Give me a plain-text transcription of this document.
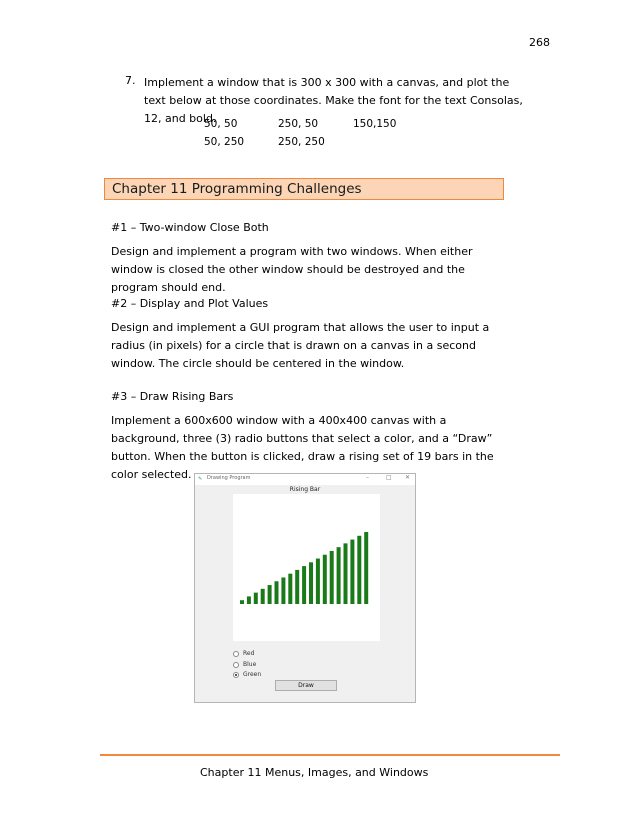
268
7. Implement a window that is 300 x 300 with a canvas, and plot the text below at those coordinates. Make the font for the text Consolas, 12, and bold.
50, 50	250, 50	150,150
50, 250	250, 250
Chapter 11 Programming Challenges
#1 – Two-window Close Both
Design and implement a program with two windows. When either window is closed the other window should be destroyed and the program should end.
#2 – Display and Plot Values
Design and implement a GUI program that allows the user to input a radius (in pixels) for a circle that is drawn on a canvas in a second window. The circle should be centered in the window.
#3 – Draw Rising Bars
Implement a 600x600 window with a 400x400 canvas with a background, three (3) radio buttons that select a color, and a “Draw” button. When the button is clicked, draw a rising set of 19 bars in the color selected.	✎ Drawing Program	–	□ ✕
Rising Bar
Red
Blue
Green
Draw
Chapter 11 Menus, Images, and Windows
